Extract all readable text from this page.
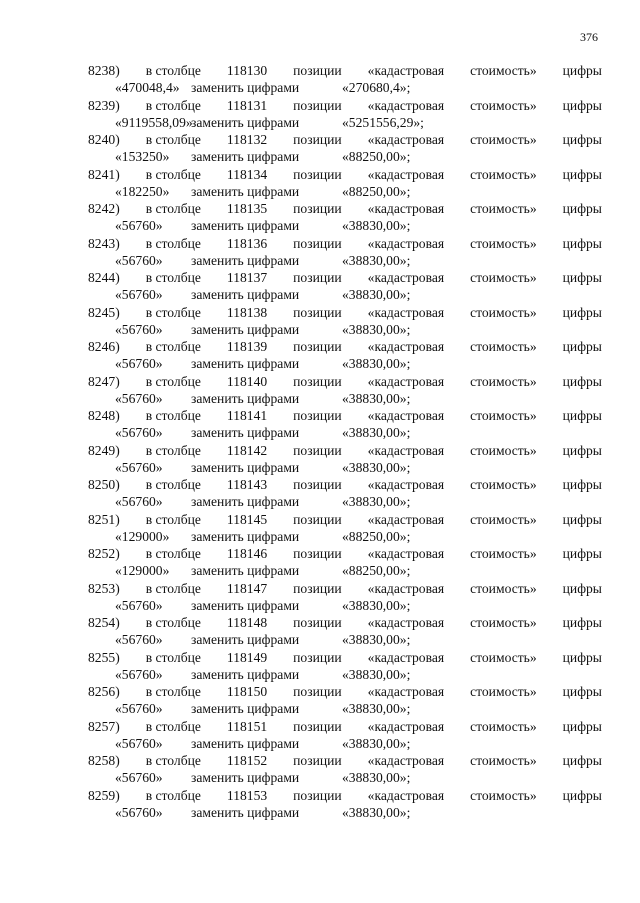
376
8238) в столбце 118130 позиции «кадастровая стоимость» цифры
«470048,4» заменить цифрами	«270680,4»;
8239) в столбце 118131 позиции «кадастровая стоимость» цифры
«9119558,09»
заменить цифрами	«5251556,29»;
8240) в столбце 118132 позиции «кадастровая стоимость» цифры
«153250» заменить цифрами	«88250,00»;
8241) в столбце 118134 позиции «кадастровая стоимость» цифры
«182250» заменить цифрами	«88250,00»;
8242) в столбце 118135 позиции «кадастровая стоимость» цифры
«56760» заменить цифрами	«38830,00»;
8243) в столбце 118136 позиции «кадастровая стоимость» цифры
«56760» заменить цифрами	«38830,00»;
8244) в столбце 118137 позиции «кадастровая стоимость» цифры
«56760» заменить цифрами	«38830,00»;
8245) в столбце 118138 позиции «кадастровая стоимость» цифры
«56760» заменить цифрами	«38830,00»;
8246) в столбце 118139 позиции «кадастровая стоимость» цифры
«56760» заменить цифрами	«38830,00»;
8247) в столбце 118140 позиции «кадастровая стоимость» цифры
«56760» заменить цифрами	«38830,00»;
8248) в столбце 118141 позиции «кадастровая стоимость» цифры
«56760» заменить цифрами	«38830,00»;
8249) в столбце 118142 позиции «кадастровая стоимость» цифры
«56760» заменить цифрами	«38830,00»;
8250) в столбце 118143 позиции «кадастровая стоимость» цифры
«56760» заменить цифрами	«38830,00»;
8251) в столбце 118145 позиции «кадастровая стоимость» цифры
«129000» заменить цифрами	«88250,00»;
8252) в столбце 118146 позиции «кадастровая стоимость» цифры
«129000» заменить цифрами	«88250,00»;
8253) в столбце 118147 позиции «кадастровая стоимость» цифры
«56760» заменить цифрами	«38830,00»;
8254) в столбце 118148 позиции «кадастровая стоимость» цифры
«56760» заменить цифрами	«38830,00»;
8255) в столбце 118149 позиции «кадастровая стоимость» цифры
«56760» заменить цифрами	«38830,00»;
8256) в столбце 118150 позиции «кадастровая стоимость» цифры
«56760» заменить цифрами	«38830,00»;
8257) в столбце 118151 позиции «кадастровая стоимость» цифры
«56760» заменить цифрами	«38830,00»;
8258) в столбце 118152 позиции «кадастровая стоимость» цифры
«56760» заменить цифрами	«38830,00»;
8259) в столбце 118153 позиции «кадастровая стоимость» цифры
«56760» заменить цифрами	«38830,00»;
